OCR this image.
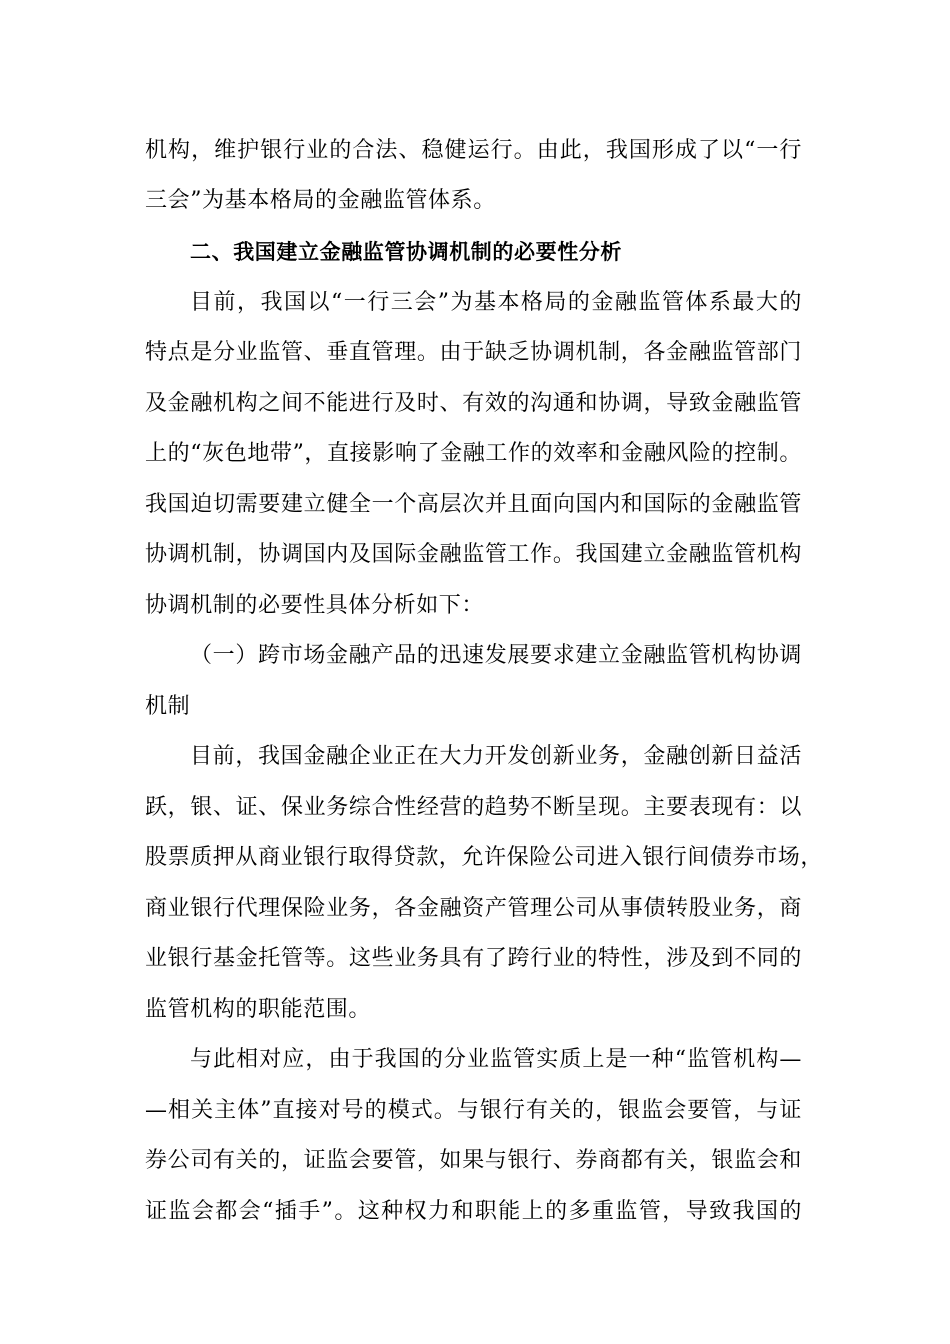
机构，维护银行业的合法、稳健运行。由此，我国形成了以“一行
三会”为基本格局的金融监管体系。
二、我国建立金融监管协调机制的必要性分析
目前，我国以“一行三会”为基本格局的金融监管体系最大的
特点是分业监管、垂直管理。由于缺乏协调机制，各金融监管部门
及金融机构之间不能进行及时、有效的沟通和协调，导致金融监管
上的“灰色地带”，直接影响了金融工作的效率和金融风险的控制。
我国迫切需要建立健全一个高层次并且面向国内和国际的金融监管
协调机制，协调国内及国际金融监管工作。我国建立金融监管机构
协调机制的必要性具体分析如下：
（一）跨市场金融产品的迅速发展要求建立金融监管机构协调
机制
目前，我国金融企业正在大力开发创新业务，金融创新日益活
跃，银、证、保业务综合性经营的趋势不断呈现。主要表现有：以
股票质押从商业银行取得贷款，允许保险公司进入银行间债券市场，
商业银行代理保险业务，各金融资产管理公司从事债转股业务，商
业银行基金托管等。这些业务具有了跨行业的特性，涉及到不同的
监管机构的职能范围。
与此相对应，由于我国的分业监管实质上是一种“监管机构—
—相关主体”直接对号的模式。与银行有关的，银监会要管，与证
券公司有关的，证监会要管，如果与银行、券商都有关，银监会和
证监会都会“插手”。这种权力和职能上的多重监管，导致我国的
